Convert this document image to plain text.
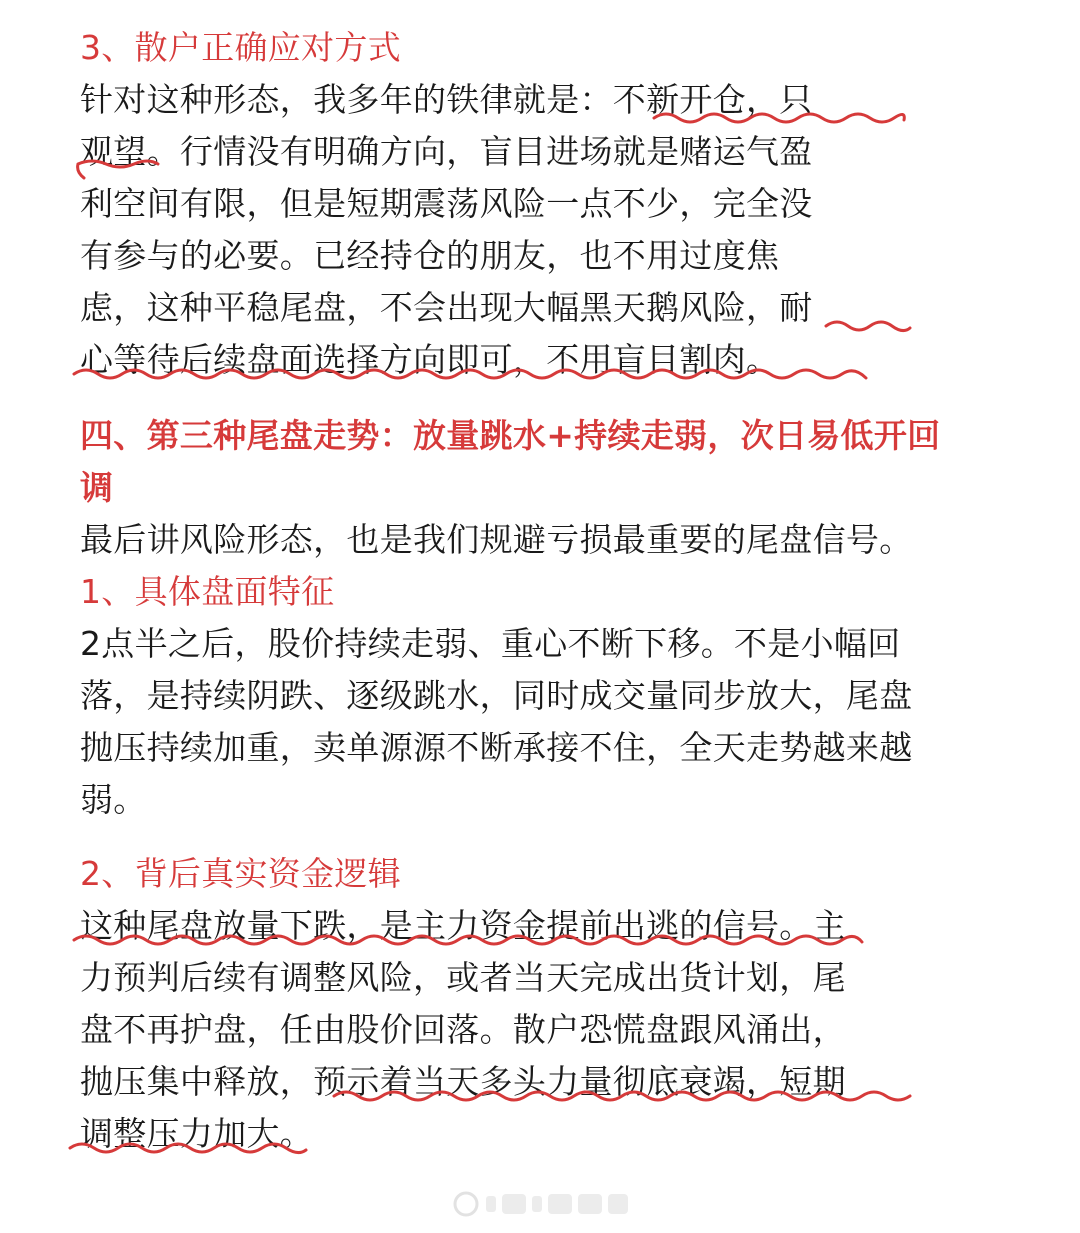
3、散户正确应对方式

针对这种形态，我多年的铁律就是：不新开仓，只

观望。行情没有明确方向，盲目进场就是赌运气盈

利空间有限，但是短期震荡风险一点不少，完全没

有参与的必要。已经持仓的朋友，也不用过度焦

虑，这种平稳尾盘，不会出现大幅黑天鹅风险，耐

心等待后续盘面选择方向即可，不用盲目割肉。

四、第三种尾盘走势：放量跳水+持续走弱，次日易低开回

调

最后讲风险形态，也是我们规避亏损最重要的尾盘信号。

1、具体盘面特征

2点半之后，股价持续走弱、重心不断下移。不是小幅回

落，是持续阴跌、逐级跳水，同时成交量同步放大，尾盘

抛压持续加重，卖单源源不断承接不住，全天走势越来越

弱。

2、背后真实资金逻辑

这种尾盘放量下跌，是主力资金提前出逃的信号。主

力预判后续有调整风险，或者当天完成出货计划，尾

盘不再护盘，任由股价回落。散户恐慌盘跟风涌出，

抛压集中释放，预示着当天多头力量彻底衰竭，短期

调整压力加大。
